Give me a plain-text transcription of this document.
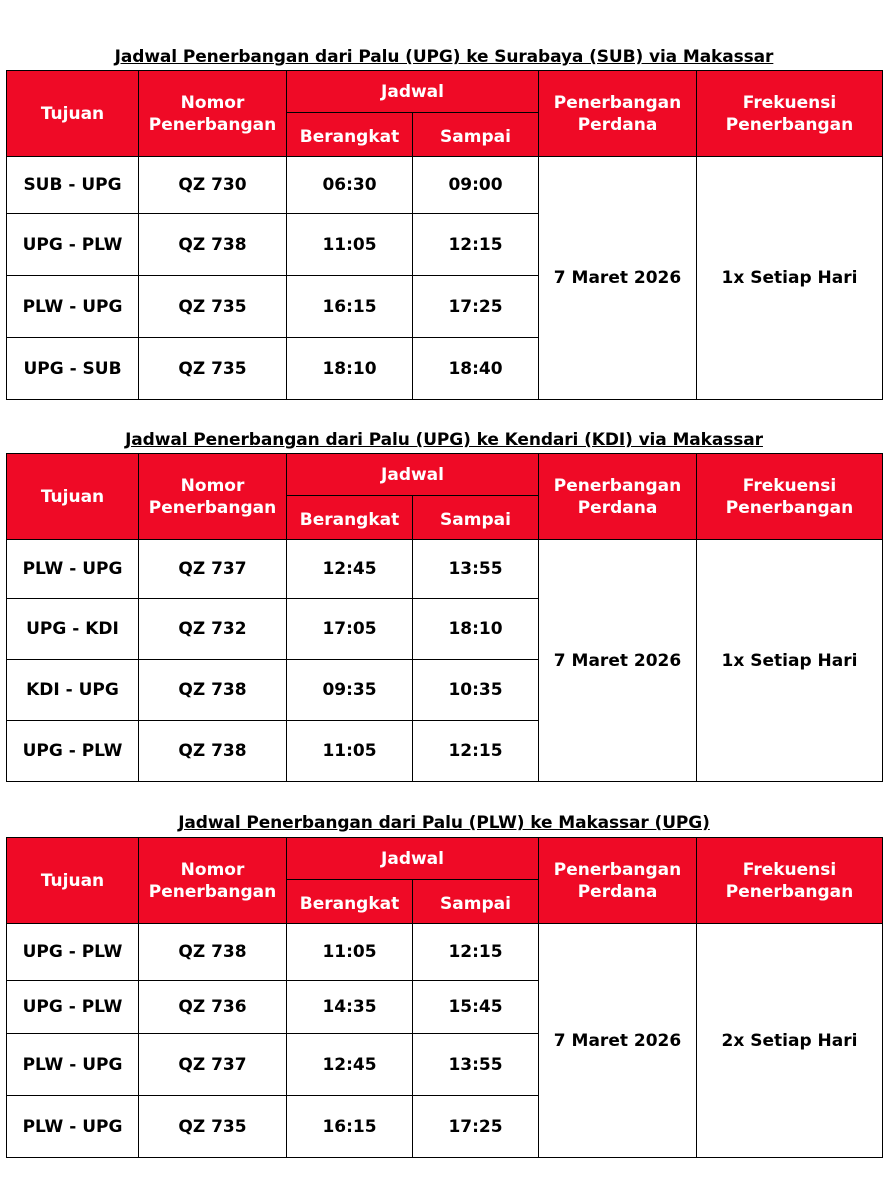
Jadwal Penerbangan dari Palu (UPG) ke Surabaya (SUB) via Makassar
Tujuan	Nomor Penerbangan	Jadwal		Penerbangan Perdana	Frekuensi Penerbangan
		Berangkat	Sampai		
SUB - UPG	QZ 730	06:30	09:00	7 Maret 2026	1x Setiap Hari
UPG - PLW	QZ 738	11:05	12:15		
PLW - UPG	QZ 735	16:15	17:25		
UPG - SUB	QZ 735	18:10	18:40		
Jadwal Penerbangan dari Palu (UPG) ke Kendari (KDI) via Makassar
Tujuan	Nomor Penerbangan	Jadwal		Penerbangan Perdana	Frekuensi Penerbangan
		Berangkat	Sampai		
PLW - UPG	QZ 737	12:45	13:55	7 Maret 2026	1x Setiap Hari
UPG - KDI	QZ 732	17:05	18:10		
KDI - UPG	QZ 738	09:35	10:35		
UPG - PLW	QZ 738	11:05	12:15		
Jadwal Penerbangan dari Palu (PLW) ke Makassar (UPG)
Tujuan	Nomor Penerbangan	Jadwal		Penerbangan Perdana	Frekuensi Penerbangan
		Berangkat	Sampai		
UPG - PLW	QZ 738	11:05	12:15	7 Maret 2026	2x Setiap Hari
UPG - PLW	QZ 736	14:35	15:45		
PLW - UPG	QZ 737	12:45	13:55		
PLW - UPG	QZ 735	16:15	17:25		
